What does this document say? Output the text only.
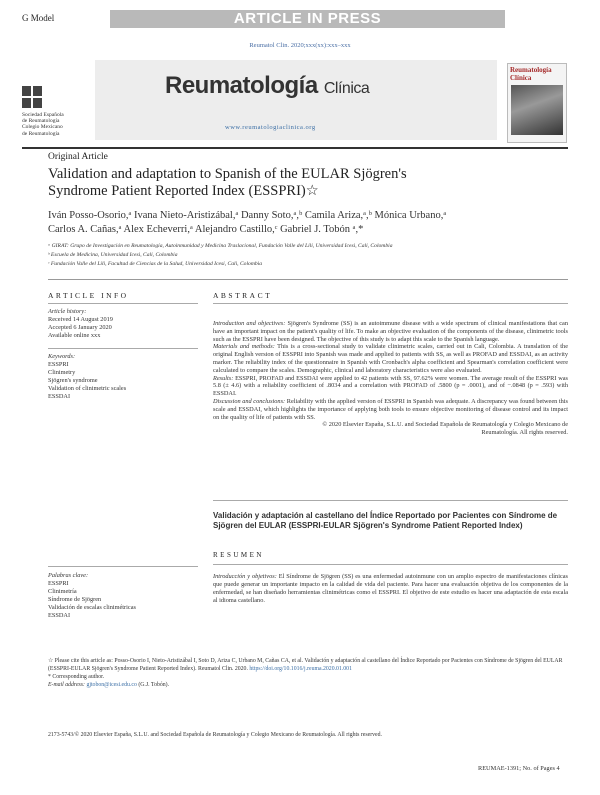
G Model	ARTICLE IN PRESS
Reumatol Clin. 2020;xxx(xx):xxx–xxx
Sociedad Española
de Reumatología
Colegio Mexicano
de Reumatología
Reumatología Clínica
www.reumatologiaclinica.org
Reumatología Clínica
Original Article
Validation and adaptation to Spanish of the EULAR Sjögren's Syndrome Patient Reported Index (ESSPRI)☆
Iván Posso-Osorio,ᵃ Ivana Nieto-Aristizábal,ᵃ Danny Soto,ᵃ,ᵇ Camila Ariza,ᵃ,ᵇ Mónica Urbano,ᵃ
Carlos A. Cañas,ᵃ Alex Echeverri,ᵃ Alejandro Castillo,ᶜ Gabriel J. Tobón ᵃ,*
ᵃ GIRAT: Grupo de Investigación en Reumatología, Autoinmunidad y Medicina Traslacional, Fundación Valle del Lili, Universidad Icesi, Cali, Colombia
ᵇ Escuela de Medicina, Universidad Icesi, Cali, Colombia
ᶜ Fundación Valle del Lili, Facultad de Ciencias de la Salud, Universidad Icesi, Cali, Colombia
ARTICLE INFO	ABSTRACT
Article history:
Received 14 August 2019
Accepted 6 January 2020
Available online xxx
Keywords:
ESSPRI
Clinimetry
Sjögren's syndrome
Validation of clinimetric scales
ESSDAI

Introduction and objectives: Sjögren's Syndrome (SS) is an autoimmune disease with a wide spectrum of clinical manifestations that can have an important impact on the patient's quality of life. To make an objective evaluation of the components of the disease, clinimetric tools such as the ESSPRI have been designed. The objective of this study is to adapt this scale to the Spanish language.

Materials and methods: This is a cross-sectional study to validate clinimetric scales, carried out in Cali, Colombia. A translation of the original English version of ESSPRI into Spanish was made and applied to patients with SS, as well as PROFAD and ESSDAI, as an activity marker. The reliability index of the questionnaire in Spanish with Cronbach's alpha coefficient and Spearman's correlation coefficient were calculated to compare the scales. Demographic, clinical and laboratory characteristics were also evaluated.

Results: ESSPRI, PROFAD and ESSDAI were applied to 42 patients with SS, 97.62% were women. The average result of the ESSPRI was 5.8 (± 4.6) with a reliability coefficient of .8034 and a correlation with PROFAD of .5800 (p = .0001), and of −.0848 (p = .593) with ESSDAI.

Discussion and conclusions: Reliability with the applied version of ESSPRI in Spanish was adequate. A discrepancy was found between this scale and ESSDAI, which highlights the importance of applying both tools to ensure objective monitoring of disease control and its impact on the quality of life of patients with SS.

© 2020 Elsevier España, S.L.U. and Sociedad Española de Reumatología y Colegio Mexicano de

Reumatología. All rights reserved.

Validación y adaptación al castellano del Índice Reportado por Pacientes con Síndrome de Sjögren del EULAR (ESSPRI-EULAR Sjögren's Syndrome Patient Reported Index)
RESUMEN
Palabras clave:
ESSPRI
Clinimetría
Síndrome de Sjögren
Validación de escalas clinimétricas
ESSDAI
Introducción y objetivos: El Síndrome de Sjögren (SS) es una enfermedad autoinmune con un amplio espectro de manifestaciones clínicas que puede generar un importante impacto en la calidad de vida del paciente. Para hacer una evaluación objetiva de los componentes de la enfermedad, se han diseñado herramientas clinimétricas como el ESSPRI. El objetivo de este estudio es hacer una adaptación de esta escala al idioma castellano.
☆ Please cite this article as: Posso-Osorio I, Nieto-Aristizábal I, Soto D, Ariza C, Urbano M, Cañas CA, et al. Validación y adaptación al castellano del Índice Reportado por Pacientes con Síndrome de Sjögren del EULAR (ESSPRI-EULAR Sjögren's Syndrome Patient Reported Index). Reumatol Clin. 2020. https://doi.org/10.1016/j.reuma.2020.01.001
* Corresponding author.
E-mail address: gjtobon@icesi.edu.co (G.J. Tobón).
2173-5743/© 2020 Elsevier España, S.L.U. and Sociedad Española de Reumatología y Colegio Mexicano de Reumatología. All rights reserved.
REUMAE-1391; No. of Pages 4
